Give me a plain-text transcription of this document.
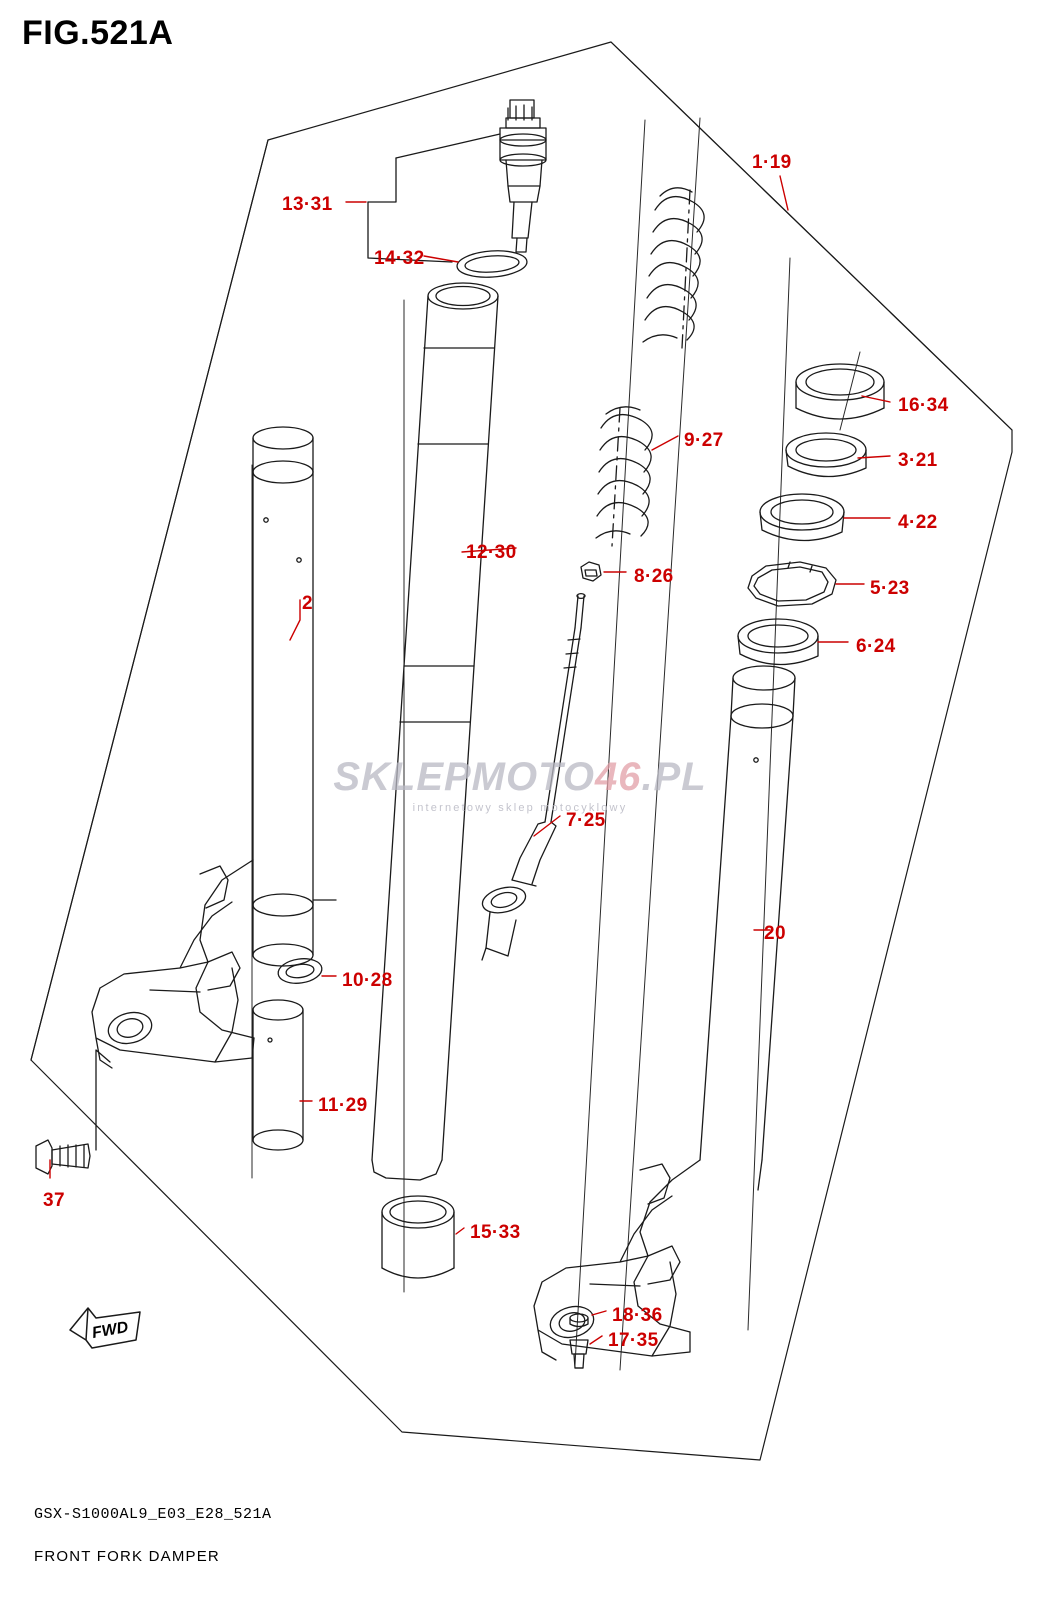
FIG.521A
1·19
13·31
14·32
16·34
9·27
3·21
4·22
12·30
8·26
5·23
2
6·24
7·25
20
10·28
11·29
15·33
37
18·36
17·35
SKLEPMOTO46.PL
internetowy sklep motocyklowy
FWD
GSX-S1000AL9_E03_E28_521A
FRONT FORK DAMPER
